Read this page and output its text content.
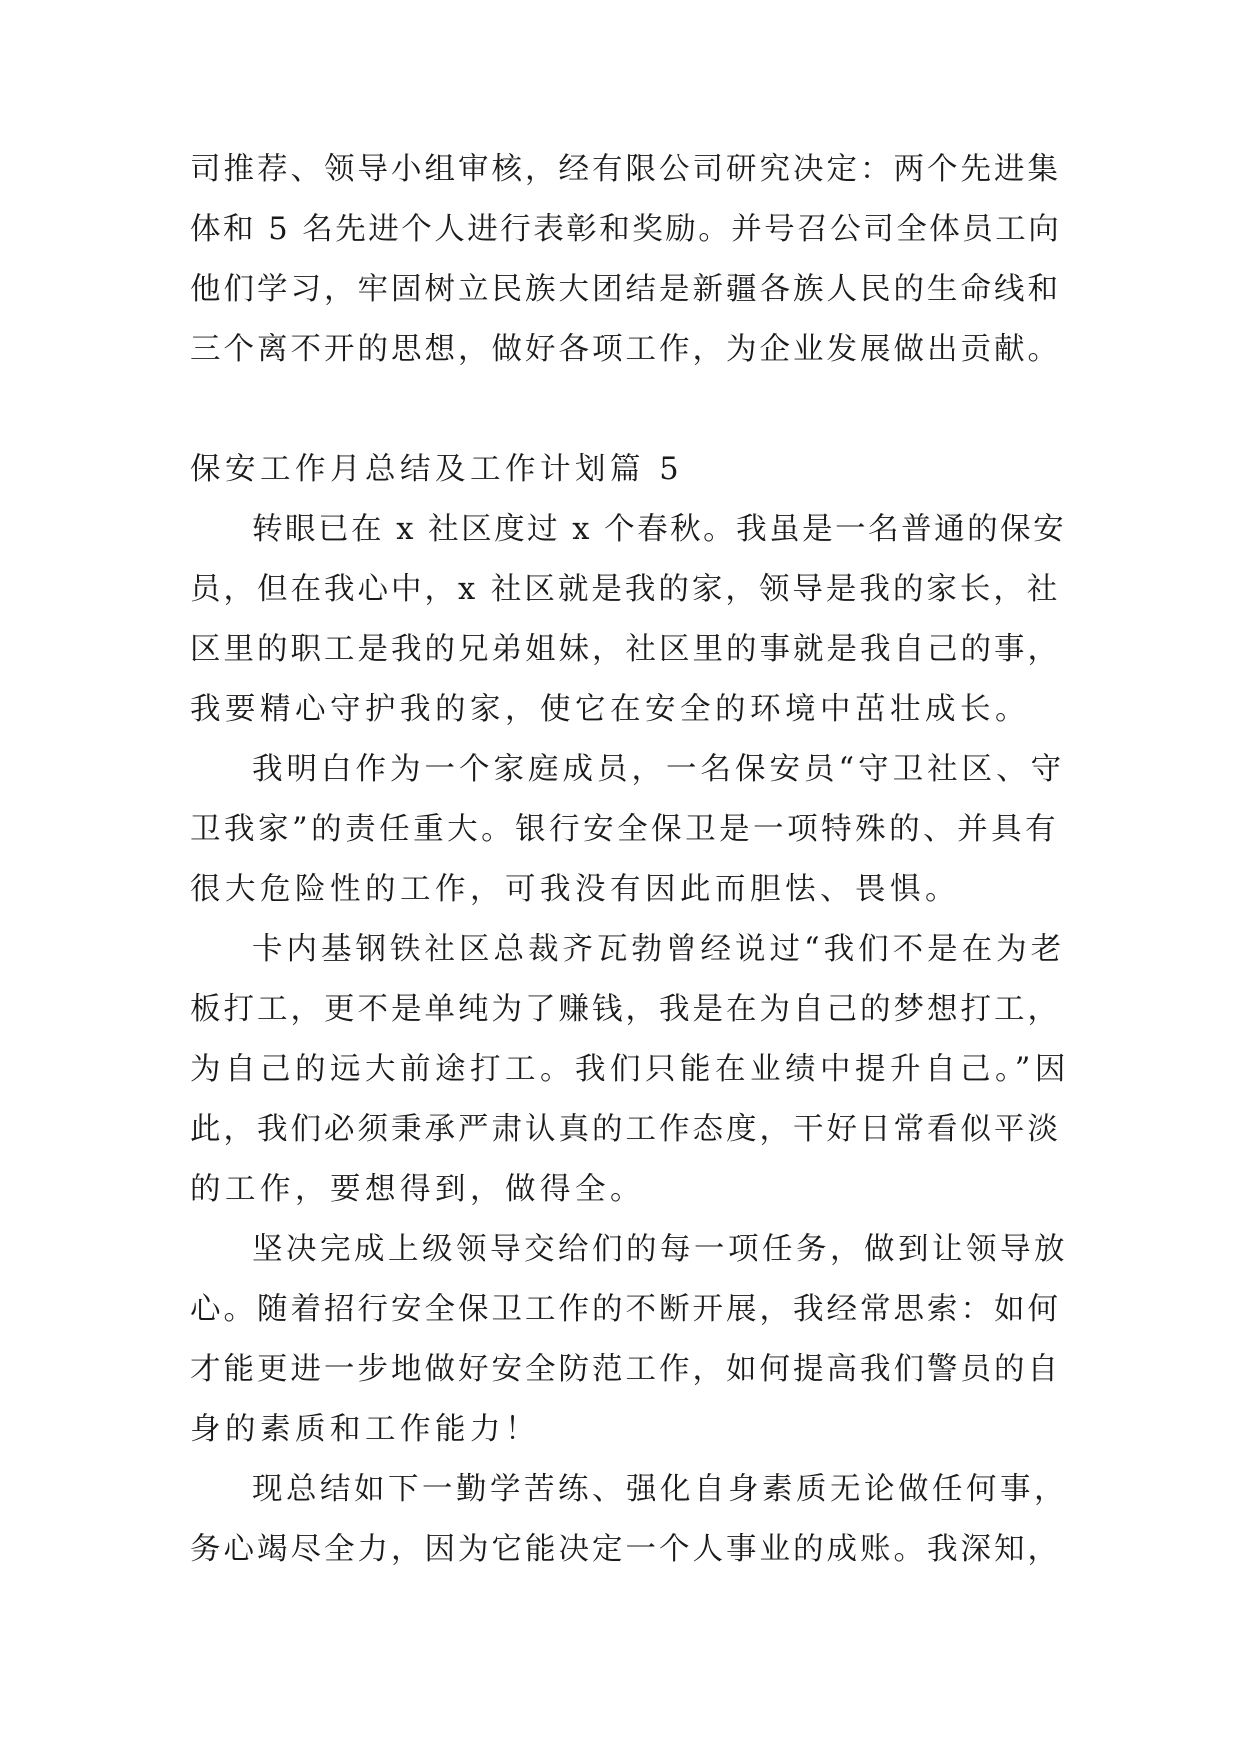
司推荐、领导小组审核，经有限公司研究决定：两个先进集
体和 5 名先进个人进行表彰和奖励。并号召公司全体员工向
他们学习，牢固树立民族大团结是新疆各族人民的生命线和
三个离不开的思想，做好各项工作，为企业发展做出贡献。
保安工作月总结及工作计划篇 5
转眼已在 x 社区度过 x 个春秋。我虽是一名普通的保安
员，但在我心中，x 社区就是我的家，领导是我的家长，社
区里的职工是我的兄弟姐妹，社区里的事就是我自己的事，
我要精心守护我的家，使它在安全的环境中茁壮成长。
我明白作为一个家庭成员，一名保安员“守卫社区、守
卫我家”的责任重大。银行安全保卫是一项特殊的、并具有
很大危险性的工作，可我没有因此而胆怯、畏惧。
卡内基钢铁社区总裁齐瓦勃曾经说过“我们不是在为老
板打工，更不是单纯为了赚钱，我是在为自己的梦想打工，
为自己的远大前途打工。我们只能在业绩中提升自己。”因
此，我们必须秉承严肃认真的工作态度，干好日常看似平淡
的工作，要想得到，做得全。
坚决完成上级领导交给们的每一项任务，做到让领导放
心。随着招行安全保卫工作的不断开展，我经常思索：如何
才能更进一步地做好安全防范工作，如何提高我们警员的自
身的素质和工作能力！
现总结如下一勤学苦练、强化自身素质无论做任何事，
务心竭尽全力，因为它能决定一个人事业的成账。我深知，
